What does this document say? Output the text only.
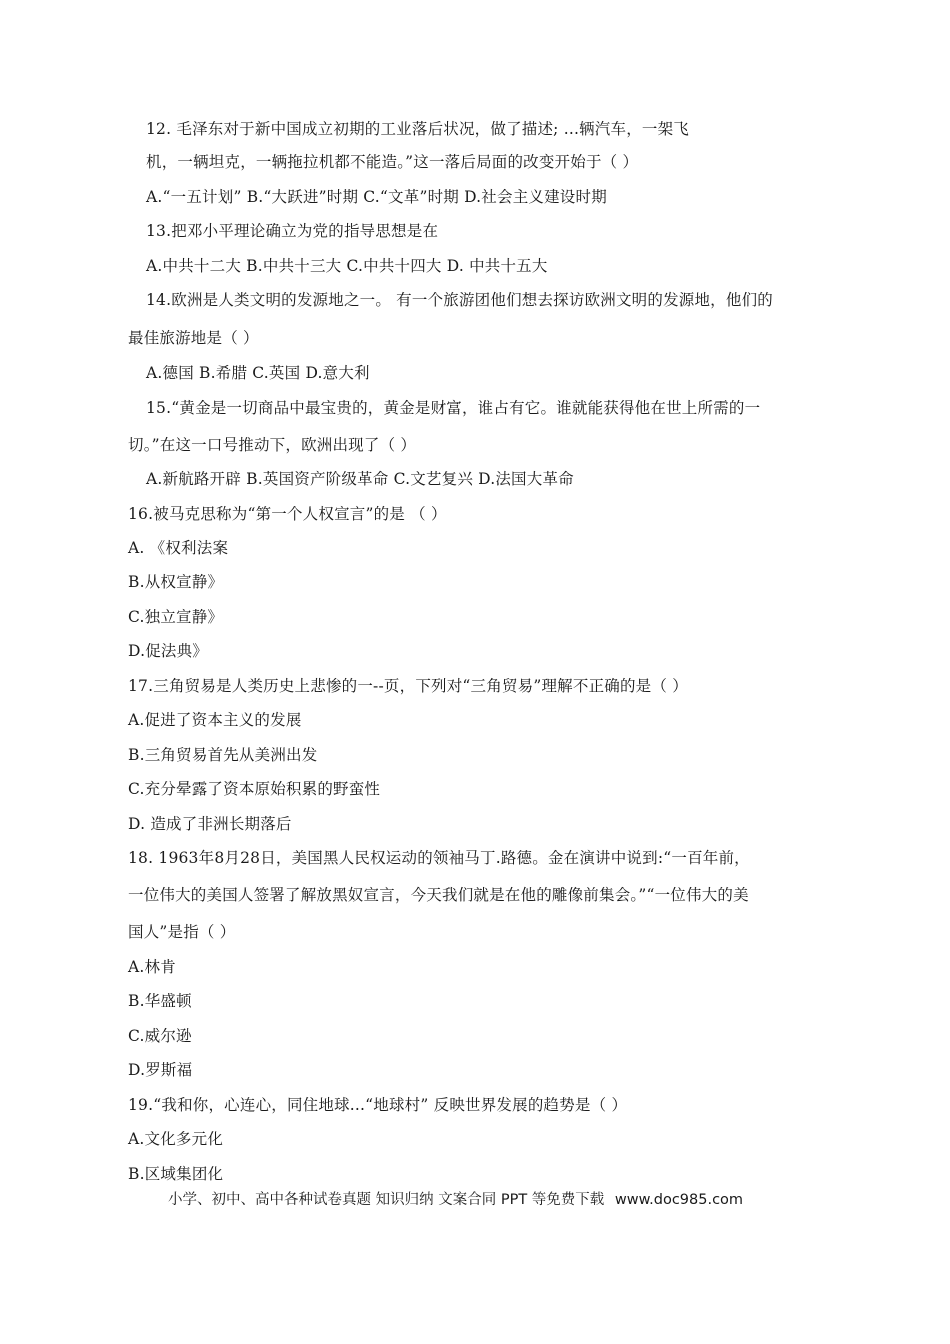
12. 毛泽东对于新中国成立初期的工业落后状况，做了描述; ...辆汽车，一架飞
机，一辆坦克，一辆拖拉机都不能造。”这一落后局面的改变开始于（ ）
A.“一五计划” B.“大跃进”时期 C.“文革”时期 D.社会主义建设时期
13.把邓小平理论确立为党的指导思想是在
A.中共十二大 B.中共十三大 C.中共十四大 D. 中共十五大
14.欧洲是人类文明的发源地之一。 有一个旅游团他们想去探访欧洲文明的发源地，他们的
最佳旅游地是（ ）
A.德国 B.希腊 C.英国 D.意大利
15.“黄金是一切商品中最宝贵的，黄金是财富，谁占有它。谁就能获得他在世上所需的一
切。”在这一口号推动下，欧洲出现了（ ）
A.新航路开辟 B.英国资产阶级革命 C.文艺复兴 D.法国大革命
16.被马克思称为“第一个人权宣言”的是 （ ）
A. 《权利法案
B.从权宣静》
C.独立宣静》
D.促法典》
17.三角贸易是人类历史上悲惨的一--页，下列对“三角贸易”理解不正确的是（ ）
A.促进了资本主义的发展
B.三角贸易首先从美洲出发
C.充分晕露了资本原始积累的野蛮性
D. 造成了非洲长期落后
18. 1963年8月28日，美国黑人民权运动的领袖马丁.路德。金在演讲中说到:“一百年前，
一位伟大的美国人签署了解放黑奴宣言，今天我们就是在他的雕像前集会。”“一位伟大的美
国人”是指（ ）
A.林肯
B.华盛顿
C.威尔逊
D.罗斯福
19.“我和你，心连心，同住地球...“地球村” 反映世界发展的趋势是（ ）
A.文化多元化
B.区域集团化
小学、初中、高中各种试卷真题 知识归纳 文案合同 PPT 等免费下载 www.doc985.com
